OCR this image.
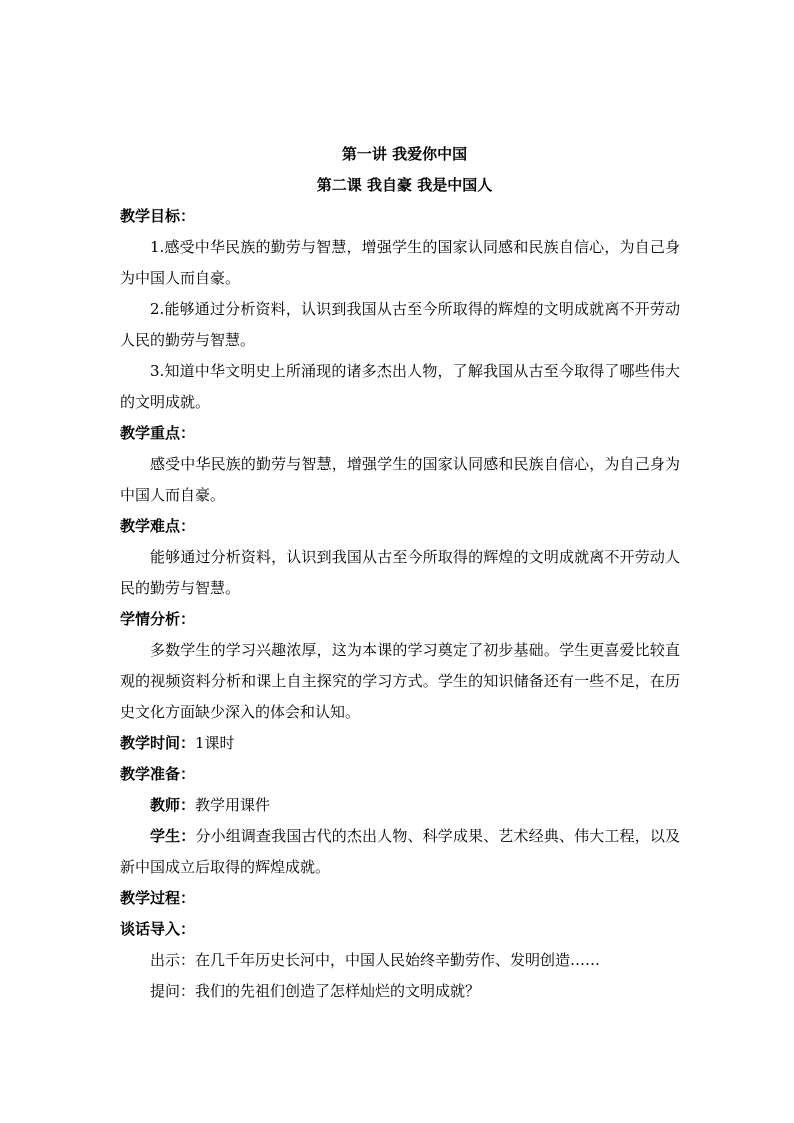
第一讲 我爱你中国
第二课 我自豪 我是中国人
教学目标：
1.感受中华民族的勤劳与智慧，增强学生的国家认同感和民族自信心，为自己身为中国人而自豪。
2.能够通过分析资料，认识到我国从古至今所取得的辉煌的文明成就离不开劳动人民的勤劳与智慧。
3.知道中华文明史上所涌现的诸多杰出人物，了解我国从古至今取得了哪些伟大的文明成就。
教学重点：
感受中华民族的勤劳与智慧，增强学生的国家认同感和民族自信心，为自己身为中国人而自豪。
教学难点：
能够通过分析资料，认识到我国从古至今所取得的辉煌的文明成就离不开劳动人民的勤劳与智慧。
学情分析：
多数学生的学习兴趣浓厚，这为本课的学习奠定了初步基础。学生更喜爱比较直观的视频资料分析和课上自主探究的学习方式。学生的知识储备还有一些不足，在历史文化方面缺少深入的体会和认知。
教学时间：1课时
教学准备：
教师：教学用课件
学生：分小组调查我国古代的杰出人物、科学成果、艺术经典、伟大工程，以及新中国成立后取得的辉煌成就。
教学过程：
谈话导入：
出示：在几千年历史长河中，中国人民始终辛勤劳作、发明创造……
提问：我们的先祖们创造了怎样灿烂的文明成就？
